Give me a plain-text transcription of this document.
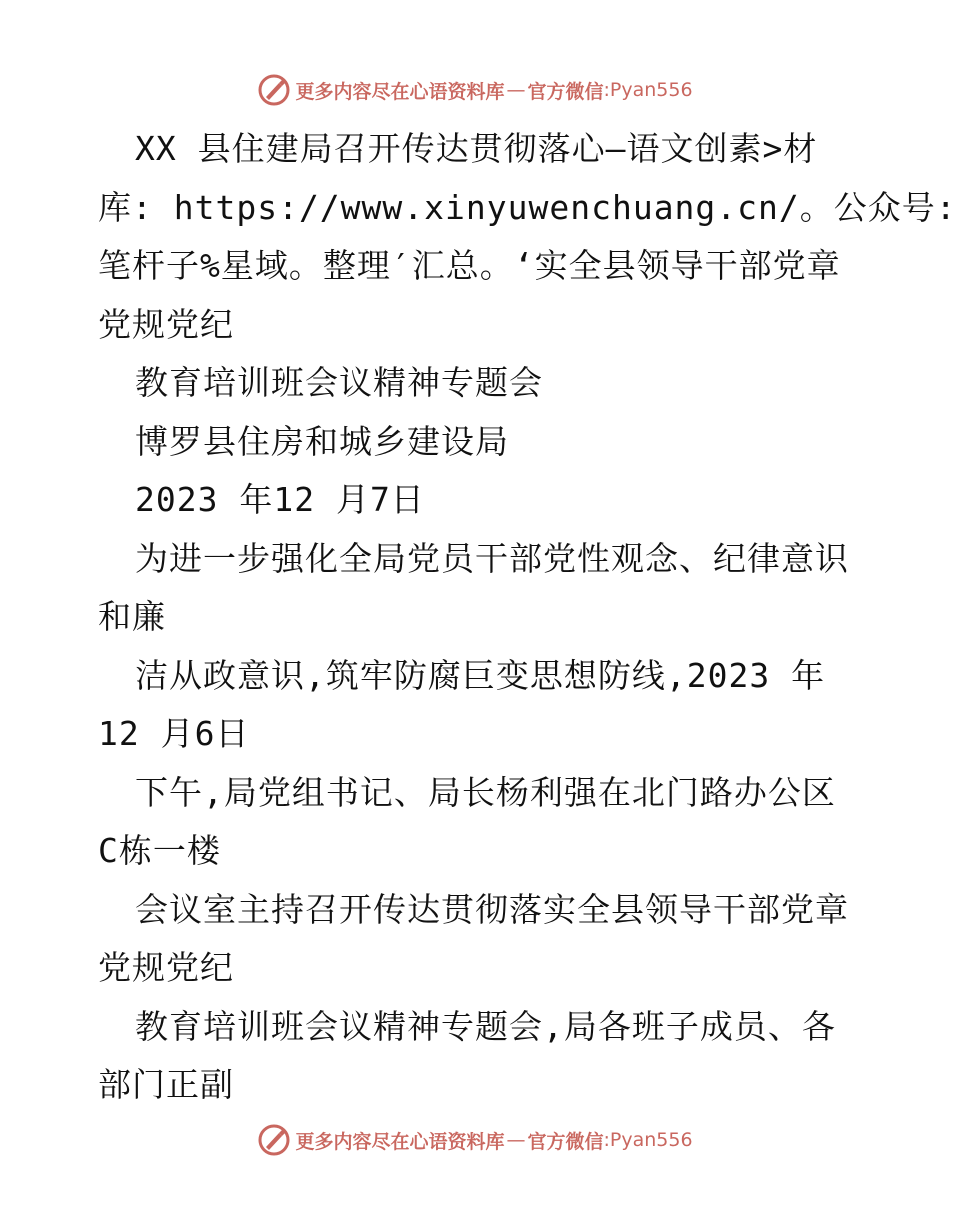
更多内容尽在心语资料库 — 官方微信 : Pyan556
XX 县住建局召开传达贯彻落心—语文创素>材
库: https://www.xinyuwenchuang.cn/。公众号:
笔杆子%星域。整理′汇总。‘实全县领导干部党章
党规党纪
教育培训班会议精神专题会
博罗县住房和城乡建设局
2023 年12 月7日
为进一步强化全局党员干部党性观念、纪律意识
和廉
洁从政意识,筑牢防腐巨变思想防线,2023 年
12 月6日
下午,局党组书记、局长杨利强在北门路办公区
C栋一楼
会议室主持召开传达贯彻落实全县领导干部党章
党规党纪
教育培训班会议精神专题会,局各班子成员、各
部门正副
更多内容尽在心语资料库 — 官方微信 : Pyan556
